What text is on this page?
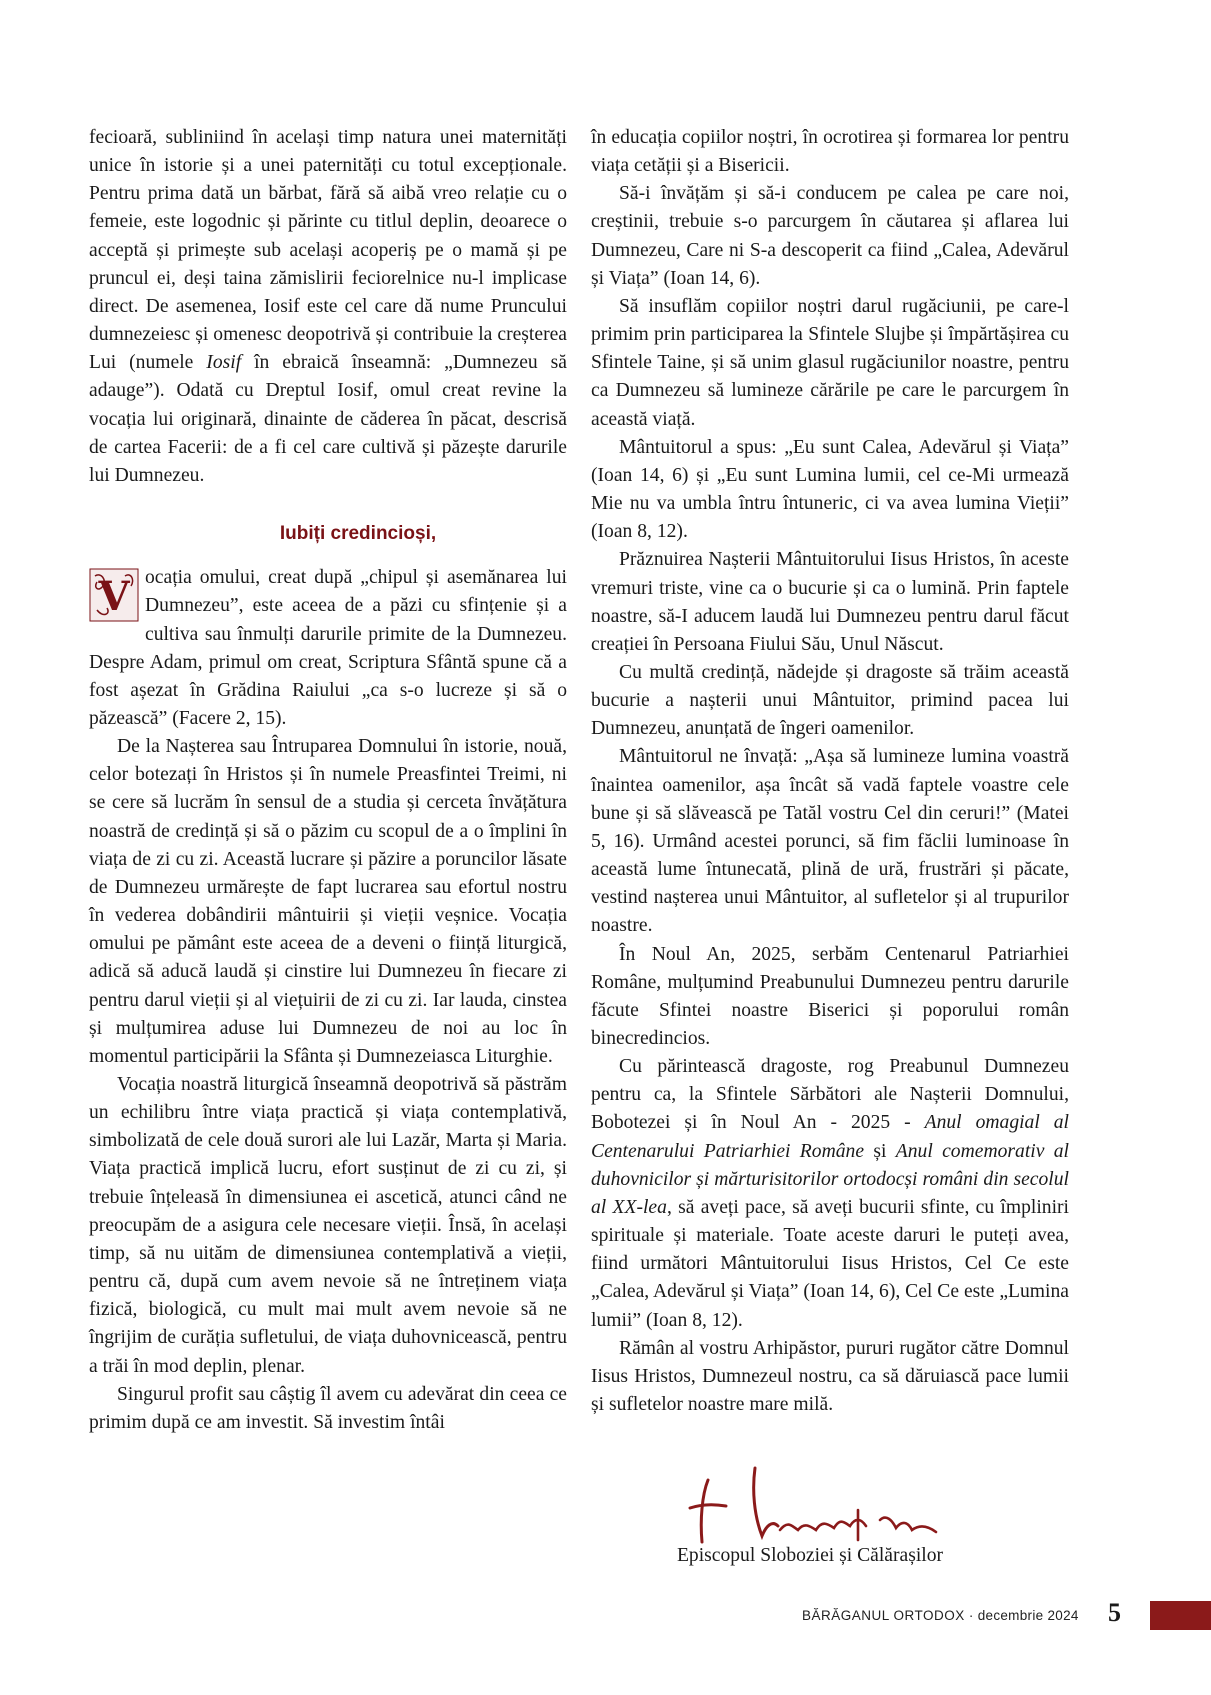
fecioară, subliniind în același timp natura unei maternități unice în istorie și a unei paternități cu totul excepționale. Pentru prima dată un bărbat, fără să aibă vreo relație cu o femeie, este logodnic și părinte cu titlul deplin, deoarece o acceptă și primește sub același acoperiș pe o mamă și pe pruncul ei, deși taina zămislirii feciorelnice nu-l implicase direct. De asemenea, Iosif este cel care dă nume Pruncului dumnezeiesc și omenesc deopotrivă și contribuie la creșterea Lui (numele Iosif în ebraică înseamnă: „Dumnezeu să adauge”). Odată cu Dreptul Iosif, omul creat revine la vocația lui originară, dinainte de căderea în păcat, descrisă de cartea Facerii: de a fi cel care cultivă și păzește darurile lui Dumnezeu.

Iubiți credincioși,

V ocația omului, creat după „chipul și asemănarea lui Dumnezeu”, este aceea de a păzi cu sfințenie și a cultiva sau înmulți darurile primite de la Dumnezeu. Despre Adam, primul om creat, Scriptura Sfântă spune că a fost așezat în Grădina Raiului „ca s-o lucreze și să o păzească” (Facere 2, 15).

De la Nașterea sau Întruparea Domnului în istorie, nouă, celor botezați în Hristos și în numele Preasfintei Treimi, ni se cere să lucrăm în sensul de a studia și cerceta învățătura noastră de credință și să o păzim cu scopul de a o împlini în viața de zi cu zi. Această lucrare și păzire a poruncilor lăsate de Dumnezeu urmărește de fapt lucrarea sau efortul nostru în vederea dobândirii mântuirii și vieții veșnice. Vocația omului pe pământ este aceea de a deveni o ființă liturgică, adică să aducă laudă și cinstire lui Dumnezeu în fiecare zi pentru darul vieții și al viețuirii de zi cu zi. Iar lauda, cinstea și mulțumirea aduse lui Dumnezeu de noi au loc în momentul participării la Sfânta și Dumnezeiasca Liturghie.

Vocația noastră liturgică înseamnă deopotrivă să păstrăm un echilibru între viața practică și viața contemplativă, simbolizată de cele două surori ale lui Lazăr, Marta și Maria. Viața practică implică lucru, efort susținut de zi cu zi, și trebuie înțeleasă în dimensiunea ei ascetică, atunci când ne preocupăm de a asigura cele necesare vieții. Însă, în același timp, să nu uităm de dimensiunea contemplativă a vieții, pentru că, după cum avem nevoie să ne întreținem viața fizică, biologică, cu mult mai mult avem nevoie să ne îngrijim de curăția sufletului, de viața duhovnicească, pentru a trăi în mod deplin, plenar.

Singurul profit sau câștig îl avem cu adevărat din ceea ce primim după ce am investit. Să investim întâi

în educația copiilor noștri, în ocrotirea și formarea lor pentru viața cetății și a Bisericii.

Să-i învățăm și să-i conducem pe calea pe care noi, creștinii, trebuie s-o parcurgem în căutarea și aflarea lui Dumnezeu, Care ni S-a descoperit ca fiind „Calea, Adevărul și Viața” (Ioan 14, 6).

Să insuflăm copiilor noștri darul rugăciunii, pe care-l primim prin participarea la Sfintele Slujbe și împărtășirea cu Sfintele Taine, și să unim glasul rugăciunilor noastre, pentru ca Dumnezeu să lumineze cărările pe care le parcurgem în această viață.

Mântuitorul a spus: „Eu sunt Calea, Adevărul și Viața” (Ioan 14, 6) și „Eu sunt Lumina lumii, cel ce-Mi urmează Mie nu va umbla întru întuneric, ci va avea lumina Vieții” (Ioan 8, 12).

Prăznuirea Nașterii Mântuitorului Iisus Hristos, în aceste vremuri triste, vine ca o bucurie și ca o lumină. Prin faptele noastre, să-I aducem laudă lui Dumnezeu pentru darul făcut creației în Persoana Fiului Său, Unul Născut.

Cu multă credință, nădejde și dragoste să trăim această bucurie a nașterii unui Mântuitor, primind pacea lui Dumnezeu, anunțată de îngeri oamenilor.

Mântuitorul ne învață: „Așa să lumineze lumina voastră înaintea oamenilor, așa încât să vadă faptele voastre cele bune și să slăvească pe Tatăl vostru Cel din ceruri!” (Matei 5, 16). Urmând acestei porunci, să fim făclii luminoase în această lume întunecată, plină de ură, frustrări și păcate, vestind nașterea unui Mântuitor, al sufletelor și al trupurilor noastre.

În Noul An, 2025, serbăm Centenarul Patriarhiei Române, mulțumind Preabunului Dumnezeu pentru darurile făcute Sfintei noastre Biserici și poporului român binecredincios.

Cu părintească dragoste, rog Preabunul Dumnezeu pentru ca, la Sfintele Sărbători ale Nașterii Domnului, Bobotezei și în Noul An - 2025 - Anul omagial al Centenarului Patriarhiei Române și Anul comemorativ al duhovnicilor și mărturisitorilor ortodocși români din secolul al XX-lea, să aveți pace, să aveți bucurii sfinte, cu împliniri spirituale și materiale. Toate aceste daruri le puteți avea, fiind următori Mântuitorului Iisus Hristos, Cel Ce este „Calea, Adevărul și Viața” (Ioan 14, 6), Cel Ce este „Lumina lumii” (Ioan 8, 12).

Rămân al vostru Arhipăstor, pururi rugător către Domnul Iisus Hristos, Dumnezeul nostru, ca să dăruiască pace lumii și sufletelor noastre mare milă.

Episcopul Sloboziei și Călărașilor
BĂRĂGANUL ORTODOX · decembrie 2024 5
